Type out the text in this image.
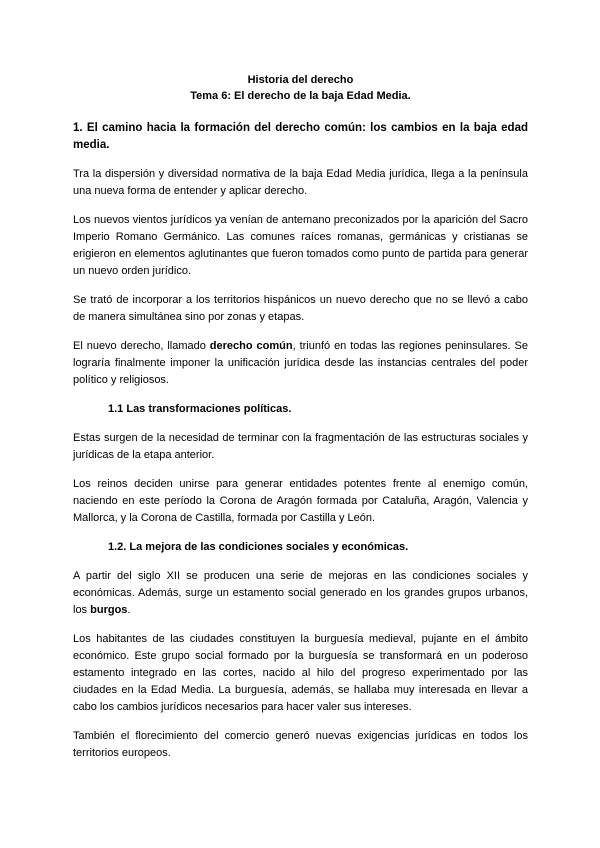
Historia del derecho
Tema 6: El derecho de la baja Edad Media.
1. El camino hacia la formación del derecho común: los cambios en la baja edad media.
Tra la dispersión y diversidad normativa de la baja Edad Media jurídica, llega a la península una nueva forma de entender y aplicar derecho.
Los nuevos vientos jurídicos ya venían de antemano preconizados por la aparición del Sacro Imperio Romano Germánico. Las comunes raíces romanas, germánicas y cristianas se erigieron en elementos aglutinantes que fueron tomados como punto de partida para generar un nuevo orden jurídico.
Se trató de incorporar a los territorios hispánicos un nuevo derecho que no se llevó a cabo de manera simultánea sino por zonas y etapas.
El nuevo derecho, llamado derecho común, triunfó en todas las regiones peninsulares. Se lograría finalmente imponer la unificación jurídica desde las instancias centrales del poder político y religiosos.
1.1 Las transformaciones políticas.
Estas surgen de la necesidad de terminar con la fragmentación de las estructuras sociales y jurídicas de la etapa anterior.
Los reinos deciden unirse para generar entidades potentes frente al enemigo común, naciendo en este período la Corona de Aragón formada por Cataluña, Aragón, Valencia y Mallorca, y la Corona de Castilla, formada por Castilla y León.
1.2. La mejora de las condiciones sociales y económicas.
A partir del siglo XII se producen una serie de mejoras en las condiciones sociales y económicas. Además, surge un estamento social generado en los grandes grupos urbanos, los burgos.
Los habitantes de las ciudades constituyen la burguesía medieval, pujante en el ámbito económico. Este grupo social formado por la burguesía se transformará en un poderoso estamento integrado en las cortes, nacido al hilo del progreso experimentado por las ciudades en la Edad Media. La burguesía, además, se hallaba muy interesada en llevar a cabo los cambios jurídicos necesarios para hacer valer sus intereses.
También el florecimiento del comercio generó nuevas exigencias jurídicas en todos los territorios europeos.
